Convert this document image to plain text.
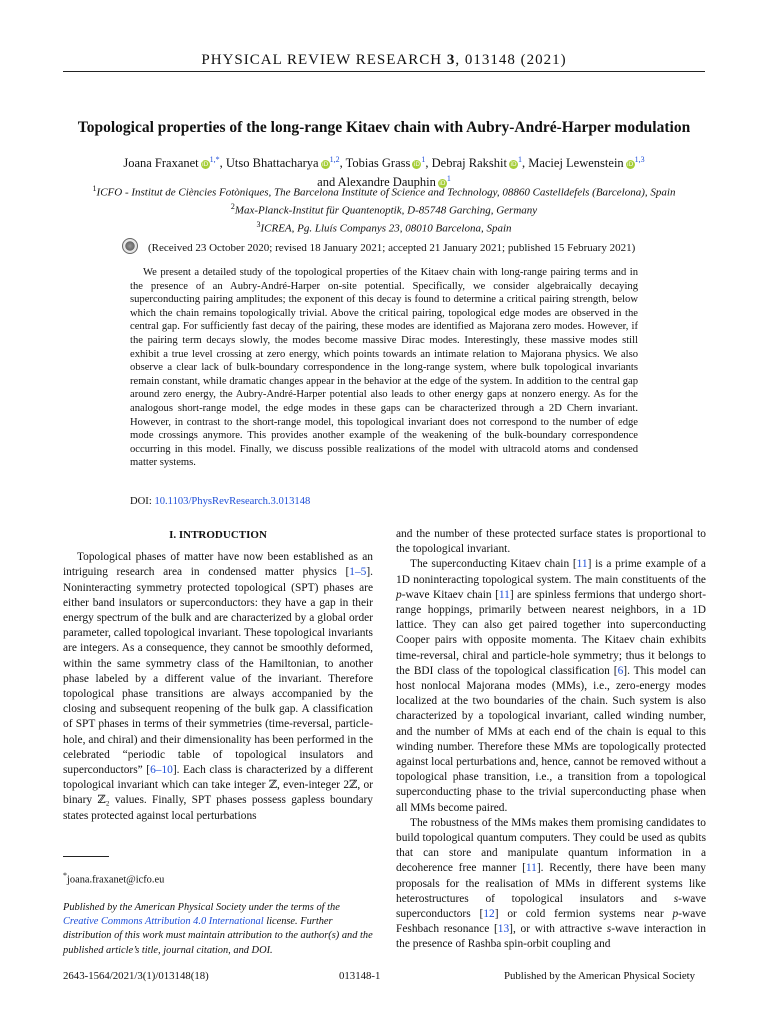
PHYSICAL REVIEW RESEARCH 3, 013148 (2021)
Topological properties of the long-range Kitaev chain with Aubry-André-Harper modulation
Joana Fraxanet $iD^{1,*}$, Utso Bhattacharya iD$^{1,2}$, Tobias Grass $iD^1$, Debraj Rakshit $iD^1$, Maciej Lewenstein iD$^{1,3}$
and Alexandre Dauphin $iD^1$
$^1$ICFO - Institut de Ciències Fotòniques, The Barcelona Institute of Science and Technology, 08860 Castelldefels (Barcelona), Spain
$^2$Max-Planck-Institut für Quantenoptik, D-85748 Garching, Germany
$^3$ICREA, Pg. Lluís Companys 23, 08010 Barcelona, Spain
(Received 23 October 2020; revised 18 January 2021; accepted 21 January 2021; published 15 February 2021)
We present a detailed study of the topological properties of the Kitaev chain with long-range pairing terms and in the presence of an Aubry-André-Harper on-site potential. Specifically, we consider algebraically decaying superconducting pairing amplitudes; the exponent of this decay is found to determine a critical pairing strength, below which the chain remains topologically trivial. Above the critical pairing, topological edge modes are observed in the central gap. For sufficiently fast decay of the pairing, these modes are identified as Majorana zero modes. However, if the pairing term decays slowly, the modes become massive Dirac modes. Interestingly, these massive modes still exhibit a true level crossing at zero energy, which points towards an intimate relation to Majorana physics. We also observe a clear lack of bulk-boundary correspondence in the long-range system, where bulk topological invariants remain constant, while dramatic changes appear in the behavior at the edge of the system. In addition to the central gap around zero energy, the Aubry-André-Harper potential also leads to other energy gaps at nonzero energy. As for the analogous short-range model, the edge modes in these gaps can be characterized through a 2D Chern invariant. However, in contrast to the short-range model, this topological invariant does not correspond to the number of edge mode crossings anymore. This provides another example of the weakening of the bulk-boundary correspondence occurring in this model. Finally, we discuss possible realizations of the model with ultracold atoms and condensed matter systems.
DOI: 10.1103/PhysRevResearch.3.013148
I. INTRODUCTION

Topological phases of matter have now been established as an intriguing research area in condensed matter physics [1–5]. Noninteracting symmetry protected topological (SPT) phases are either band insulators or superconductors: they have a gap in their energy spectrum of the bulk and are characterized by a global order parameter, called topological invariant. These topological invariants are integers. As a consequence, they cannot be smoothly deformed, within the same symmetry class of the Hamiltonian, to another phase labeled by a different value of the invariant. Therefore topological phase transitions are always accompanied by the closing and subsequent reopening of the bulk gap. A classification of SPT phases in terms of their symmetries (time-reversal, particle-hole, and chiral) and their dimensionality has been performed in the celebrated “periodic table of topological insulators and superconductors” [6–10]. Each class is characterized by a different topological invariant which can take integer ℤ, even-integer 2ℤ, or binary ℤ₂ values. Finally, SPT phases possess gapless boundary states protected against local perturbations

and the number of these protected surface states is proportional to the topological invariant.

The superconducting Kitaev chain [11] is a prime example of a 1D noninteracting topological system. The main constituents of the p-wave Kitaev chain [11] are spinless fermions that undergo short-range hoppings, primarily between nearest neighbors, in a 1D lattice. They can also get paired together into superconducting Cooper pairs with opposite momenta. The Kitaev chain exhibits time-reversal, chiral and particle-hole symmetry; thus it belongs to the BDI class of the topological classification [6]. This model can host nonlocal Majorana modes (MMs), i.e., zero-energy modes localized at the two boundaries of the chain. Such system is also characterized by a topological invariant, called winding number, and the number of MMs at each end of the chain is equal to this winding number. Therefore these MMs are topologically protected against local perturbations and, hence, cannot be removed without a topological phase transition, i.e., a transition from a topological superconducting phase to the trivial superconducting phase when all MMs become paired.

The robustness of the MMs makes them promising candidates to build topological quantum computers. They could be used as qubits that can store and manipulate quantum information in a decoherence free manner [11]. Recently, there have been many proposals for the realisation of MMs in different systems like heterostructures of topological insulators and s-wave superconductors [12] or cold fermion systems near p-wave Feshbach resonance [13], or with attractive s-wave interaction in the presence of Rashba spin-orbit coupling and

*joana.fraxanet@icfo.eu
Published by the American Physical Society under the terms of the Creative Commons Attribution 4.0 International license. Further distribution of this work must maintain attribution to the author(s) and the published article’s title, journal citation, and DOI.
2643-1564/2021/3(1)/013148(18)	013148-1	Published by the American Physical Society
